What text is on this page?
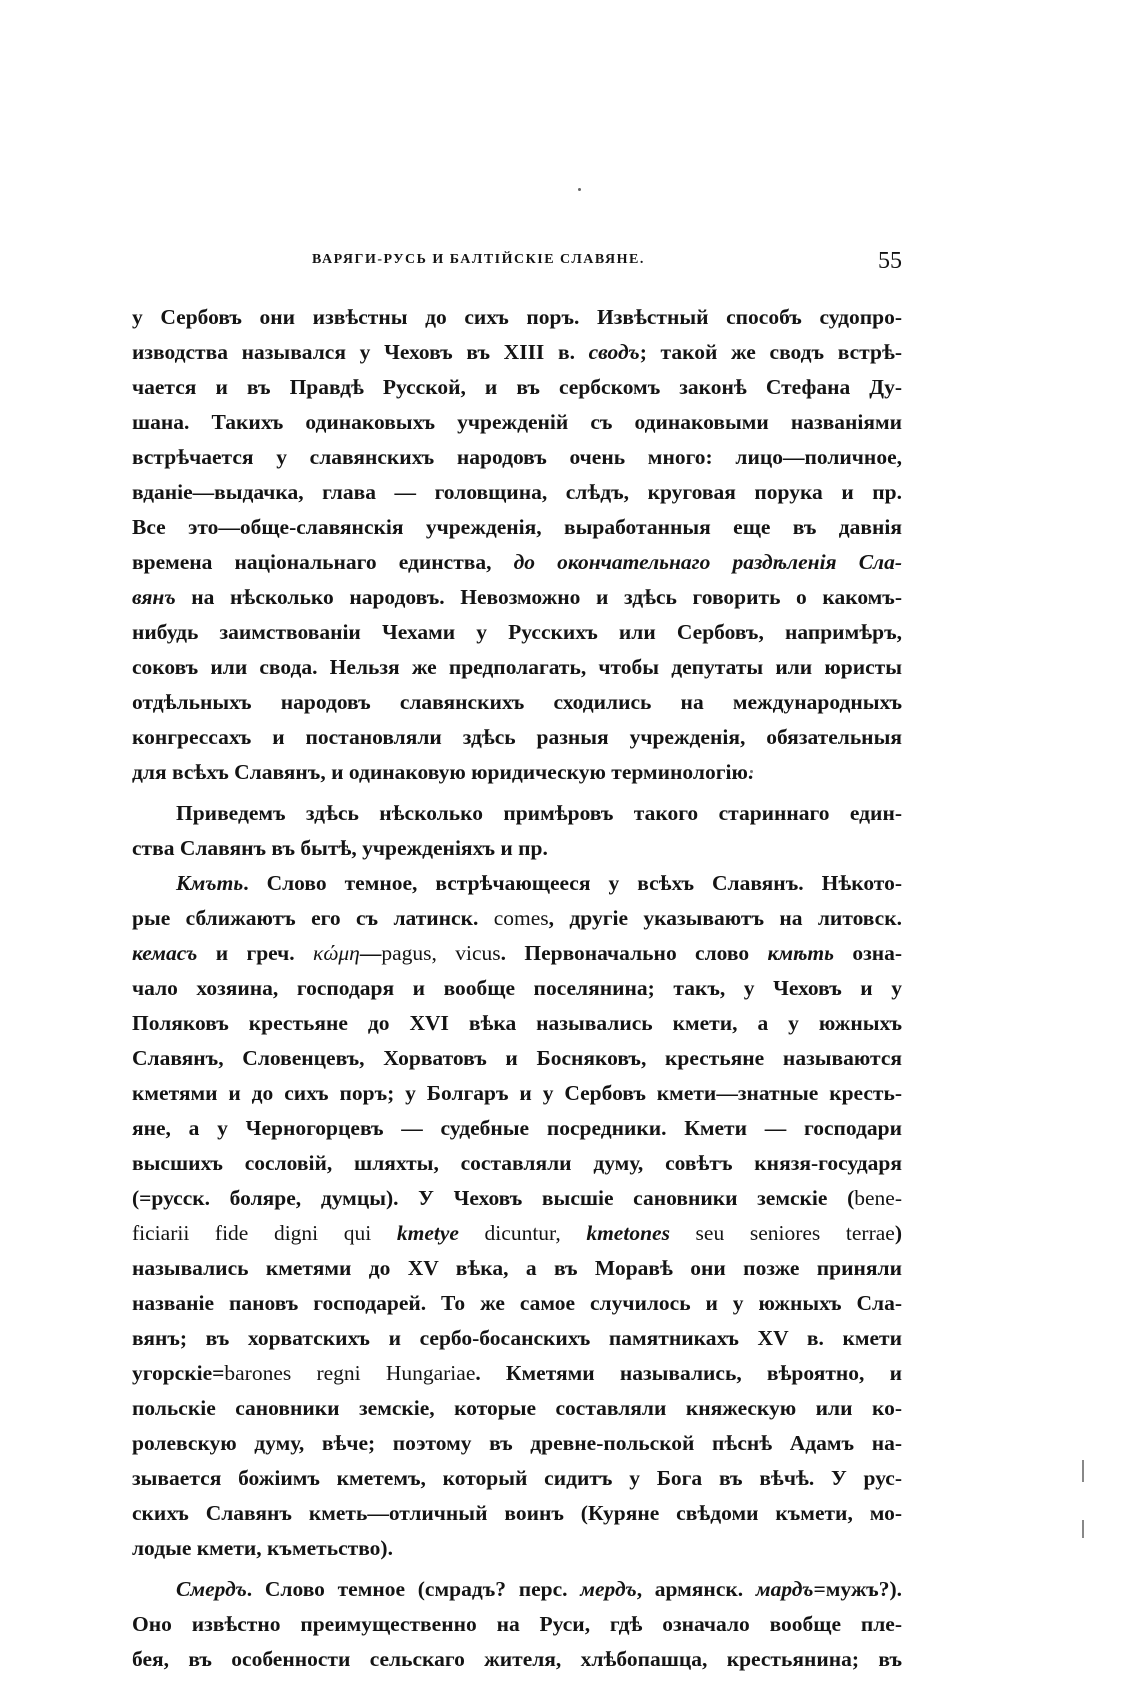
ВАРЯГИ-РУСЬ И БАЛТІЙСКІЕ СЛАВЯНЕ.	55
у Сербовъ они извѣстны до сихъ поръ. Извѣстный способъ судопро-
изводства назывался у Чеховъ въ XIII в. сводъ; такой же сводъ встрѣ-
чается и въ Правдѣ Русской, и въ сербскомъ законѣ Стефана Ду-
шана. Такихъ одинаковыхъ учрежденій съ одинаковыми названіями
встрѣчается у славянскихъ народовъ очень много: лицо—поличное,
вданіе—выдачка, глава — головщина, слѣдъ, круговая порука и пр.
Все это—обще-славянскія учрежденія, выработанныя еще въ давнія
времена національнаго единства, до окончательнаго раздѣленія Сла-
вянъ на нѣсколько народовъ. Невозможно и здѣсь говорить о какомъ-
нибудь заимствованіи Чехами у Русскихъ или Сербовъ, напримѣръ,
соковъ или свода. Нельзя же предполагать, чтобы депутаты или юристы
отдѣльныхъ народовъ славянскихъ сходились на международныхъ
конгрессахъ и постановляли здѣсь разныя учрежденія, обязательныя
для всѣхъ Славянъ, и одинаковую юридическую терминологію.
Приведемъ здѣсь нѣсколько примѣровъ такого стариннаго един-
ства Славянъ въ бытѣ, учрежденіяхъ и пр.
Кмъть. Слово темное, встрѣчающееся у всѣхъ Славянъ. Нѣкото-
рые сближаютъ его съ латинск. comes, другіе указываютъ на литовск.
кемасъ и греч. κώμη—pagus, vicus. Первоначально слово кмѣть озна-
чало хозяина, господаря и вообще поселянина; такъ, у Чеховъ и у
Поляковъ крестьяне до XVI вѣка назывались кмети, а у южныхъ
Славянъ, Словенцевъ, Хорватовъ и Босняковъ, крестьяне называются
кметями и до сихъ поръ; у Болгаръ и у Сербовъ кмети—знатные кресть-
яне, а у Черногорцевъ — судебные посредники. Кмети — господари
высшихъ сословій, шляхты, составляли думу, совѣтъ князя-государя
(=русск. боляре, думцы). У Чеховъ высшіе сановники земскіе (bene-
ficiarii fide digni qui kmetye dicuntur, kmetones seu seniores terrae)
назывались кметями до XV вѣка, а въ Моравѣ они позже приняли
названіе пановъ господарей. То же самое случилось и у южныхъ Сла-
вянъ; въ хорватскихъ и сербо-босанскихъ памятникахъ XV в. кмети
угорскіе=barones regni Hungariae. Кметями назывались, вѣроятно, и
польскіе сановники земскіе, которые составляли княжескую или ко-
ролевскую думу, вѣче; поэтому въ древне-польской пѣснѣ Адамъ на-
зывается божіимъ кметемъ, который сидитъ у Бога въ вѣчѣ. У рус-
скихъ Славянъ кметь—отличный воинъ (Куряне свѣдоми къмети, мо-
лодые кмети, къметьство).
Смердъ. Слово темное (смрадъ? перс. мердъ, армянск. мардъ=мужъ?).
Оно извѣстно преимущественно на Руси, гдѣ означало вообще пле-
бея, въ особенности сельскаго жителя, хлѣбопашца, крестьянина; въ
